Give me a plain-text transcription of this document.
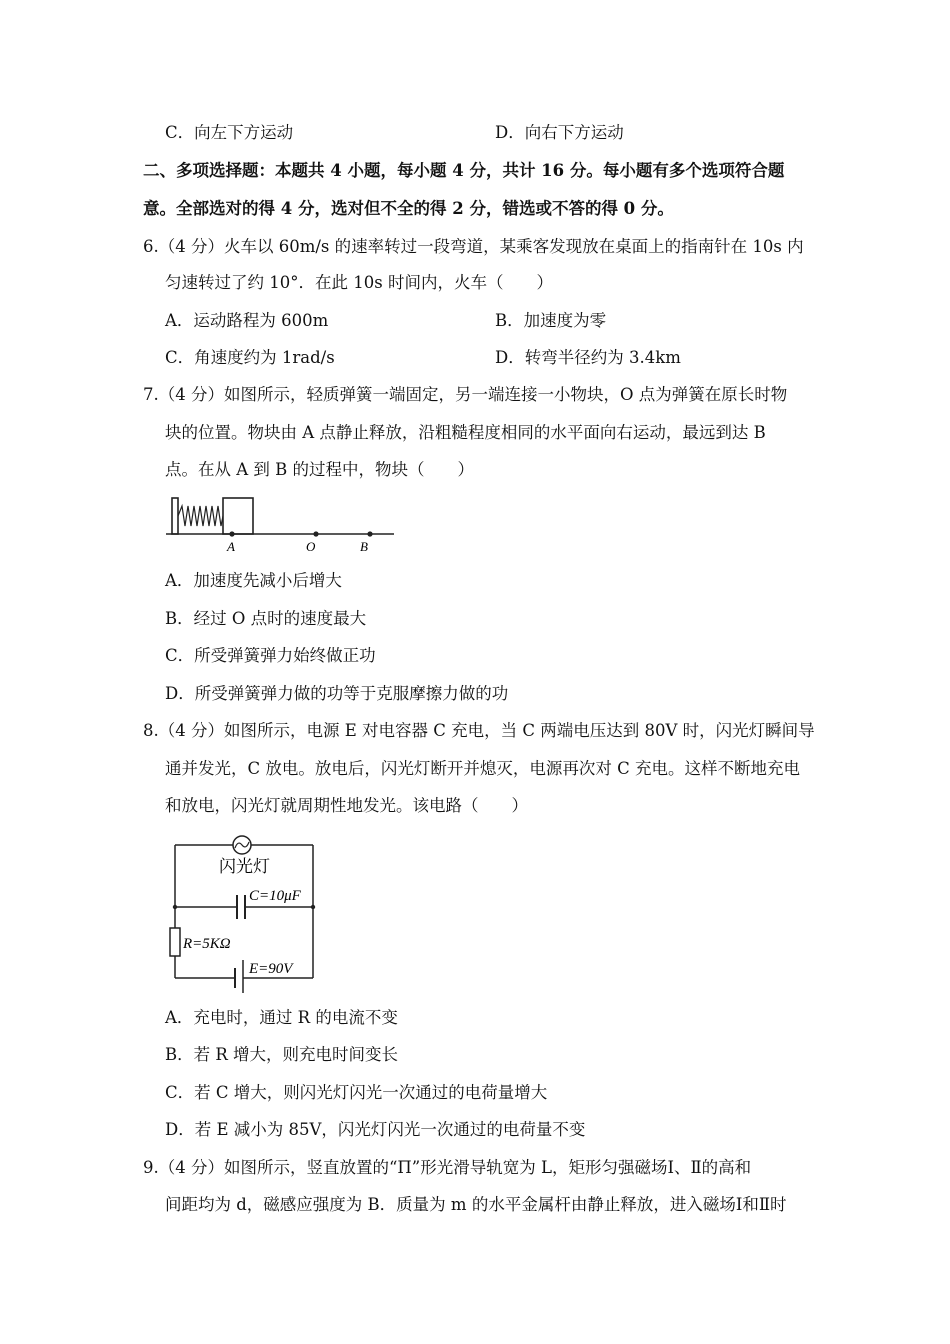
C．向左下方运动	D．向右下方运动
二、多项选择题：本题共 4 小题，每小题 4 分，共计 16 分。每小题有多个选项符合题
意。全部选对的得 4 分，选对但不全的得 2 分，错选或不答的得 0 分。
6.（4 分）火车以 60m/s 的速率转过一段弯道，某乘客发现放在桌面上的指南针在 10s 内
匀速转过了约 10°．在此 10s 时间内，火车（　　）
A．运动路程为 600m	B．加速度为零
C．角速度约为 1rad/s	D．转弯半径约为 3.4km
7.（4 分）如图所示，轻质弹簧一端固定，另一端连接一小物块，O 点为弹簧在原长时物
块的位置。物块由 A 点静止释放，沿粗糙程度相同的水平面向右运动，最远到达 B
点。在从 A 到 B 的过程中，物块（　　）
A	O	B
A．加速度先减小后增大
B．经过 O 点时的速度最大
C．所受弹簧弹力始终做正功
D．所受弹簧弹力做的功等于克服摩擦力做的功
8.（4 分）如图所示，电源 E 对电容器 C 充电，当 C 两端电压达到 80V 时，闪光灯瞬间导
通并发光，C 放电。放电后，闪光灯断开并熄灭，电源再次对 C 充电。这样不断地充电
和放电，闪光灯就周期性地发光。该电路（　　）
闪光灯
C=10μF
R=5KΩ
E=90V
A．充电时，通过 R 的电流不变
B．若 R 增大，则充电时间变长
C．若 C 增大，则闪光灯闪光一次通过的电荷量增大
D．若 E 减小为 85V，闪光灯闪光一次通过的电荷量不变
9.（4 分）如图所示，竖直放置的“Π”形光滑导轨宽为 L，矩形匀强磁场Ⅰ、Ⅱ的高和
间距均为 d，磁感应强度为 B．质量为 m 的水平金属杆由静止释放，进入磁场Ⅰ和Ⅱ时
